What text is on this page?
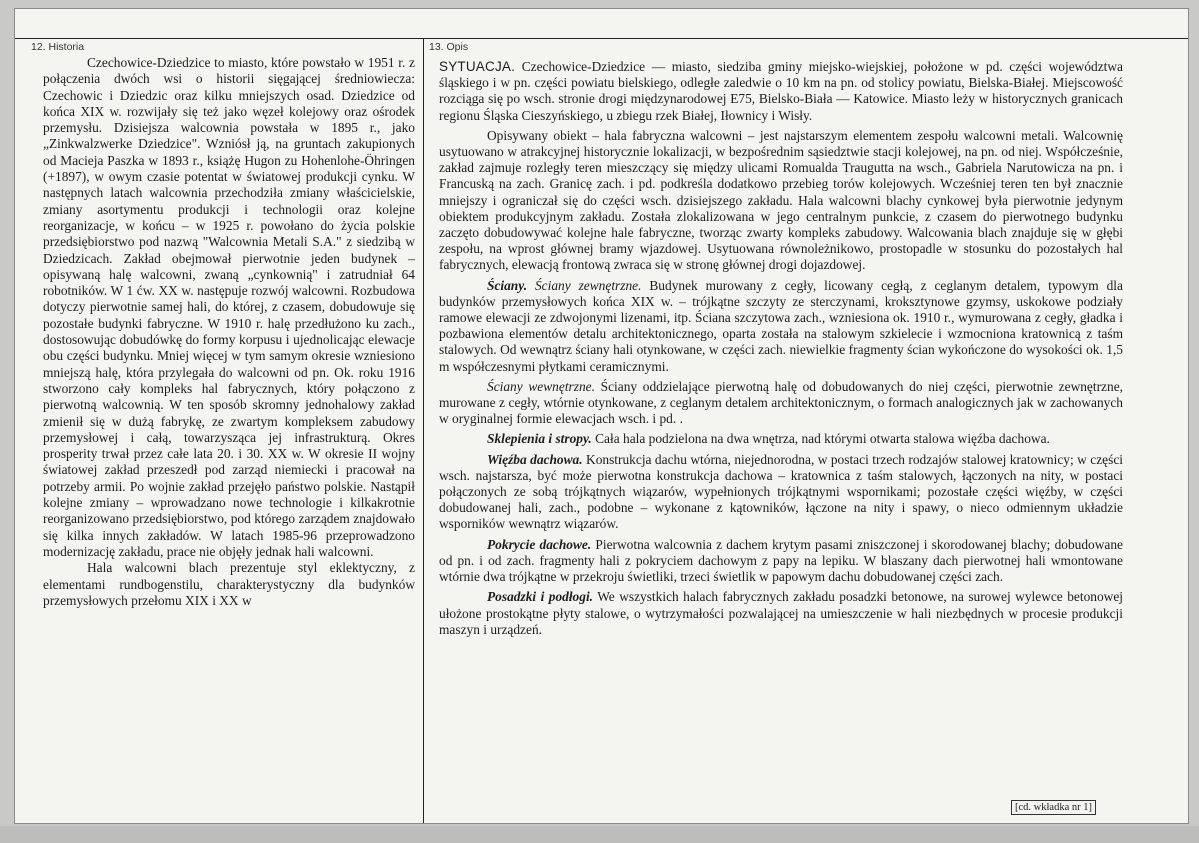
12. Historia	13. Opis

Czechowice-Dziedzice to miasto, które powstało w 1951 r. z połączenia dwóch wsi o historii sięgającej średniowiecza: Czechowic i Dziedzic oraz kilku mniejszych osad. Dziedzice od końca XIX w. rozwijały się też jako węzeł kolejowy oraz ośrodek przemysłu. Dzisiejsza walcownia powstała w 1895 r., jako „Zinkwalzwerke Dziedzice". Wzniósł ją, na gruntach zakupionych od Macieja Paszka w 1893 r., książę Hugon zu Hohenlohe-Öhringen (+1897), w owym czasie potentat w światowej produkcji cynku. W następnych latach walcownia przechodziła zmiany właścicielskie, zmiany asortymentu produkcji i technologii oraz kolejne reorganizacje, w końcu – w 1925 r. powołano do życia polskie przedsiębiorstwo pod nazwą "Walcownia Metali S.A." z siedzibą w Dziedzicach. Zakład obejmował pierwotnie jeden budynek – opisywaną halę walcowni, zwaną „cynkownią" i zatrudniał 64 robotników. W 1 ćw. XX w. następuje rozwój walcowni. Rozbudowa dotyczy pierwotnie samej hali, do której, z czasem, dobudowuje się pozostałe budynki fabryczne. W 1910 r. halę przedłużono ku zach., dostosowując dobudówkę do formy korpusu i ujednolicając elewacje obu części budynku. Mniej więcej w tym samym okresie wzniesiono mniejszą halę, która przylegała do walcowni od pn. Ok. roku 1916 stworzono cały kompleks hal fabrycznych, który połączono z pierwotną walcownią. W ten sposób skromny jednohalowy zakład zmienił się w dużą fabrykę, ze zwartym kompleksem zabudowy przemysłowej i całą, towarzysząca jej infrastrukturą. Okres prosperity trwał przez całe lata 20. i 30. XX w. W okresie II wojny światowej zakład przeszedł pod zarząd niemiecki i pracował na potrzeby armii. Po wojnie zakład przejęło państwo polskie. Nastąpił kolejne zmiany – wprowadzano nowe technologie i kilkakrotnie reorganizowano przedsiębiorstwo, pod którego zarządem znajdowało się kilka innych zakładów. W latach 1985-96 przeprowadzono modernizację zakładu, prace nie objęły jednak hali walcowni.

Hala walcowni blach prezentuje styl eklektyczny, z elementami rundbogenstilu, charakterystyczny dla budynków przemysłowych przełomu XIX i XX w

SYTUACJA. Czechowice-Dziedzice — miasto, siedziba gminy miejsko-wiejskiej, położone w pd. części województwa śląskiego i w pn. części powiatu bielskiego, odległe zaledwie o 10 km na pn. od stolicy powiatu, Bielska-Białej. Miejscowość rozciąga się po wsch. stronie drogi międzynarodowej E75, Bielsko-Biała — Katowice. Miasto leży w historycznych granicach regionu Śląska Cieszyńskiego, u zbiegu rzek Białej, Iłownicy i Wisły.

Opisywany obiekt – hala fabryczna walcowni – jest najstarszym elementem zespołu walcowni metali. Walcownię usytuowano w atrakcyjnej historycznie lokalizacji, w bezpośrednim sąsiedztwie stacji kolejowej, na pn. od niej. Współcześnie, zakład zajmuje rozległy teren mieszczący się między ulicami Romualda Traugutta na wsch., Gabriela Narutowicza na pn. i Francuską na zach. Granicę zach. i pd. podkreśla dodatkowo przebieg torów kolejowych. Wcześniej teren ten był znacznie mniejszy i ograniczał się do części wsch. dzisiejszego zakładu. Hala walcowni blachy cynkowej była pierwotnie jedynym obiektem produkcyjnym zakładu. Została zlokalizowana w jego centralnym punkcie, z czasem do pierwotnego budynku zaczęto dobudowywać kolejne hale fabryczne, tworząc zwarty kompleks zabudowy. Walcowania blach znajduje się w głębi zespołu, na wprost głównej bramy wjazdowej. Usytuowana równoleżnikowo, prostopadle w stosunku do pozostałych hal fabrycznych, elewacją frontową zwraca się w stronę głównej drogi dojazdowej.

Ściany. Ściany zewnętrzne. Budynek murowany z cegły, licowany cegłą, z ceglanym detalem, typowym dla budynków przemysłowych końca XIX w. – trójkątne szczyty ze sterczynami, kroksztynowe gzymsy, uskokowe podziały ramowe elewacji ze zdwojonymi lizenami, itp. Ściana szczytowa zach., wzniesiona ok. 1910 r., wymurowana z cegły, gładka i pozbawiona elementów detalu architektonicznego, oparta została na stalowym szkielecie i wzmocniona kratownicą z taśm stalowych. Od wewnątrz ściany hali otynkowane, w części zach. niewielkie fragmenty ścian wykończone do wysokości ok. 1,5 m współczesnymi płytkami ceramicznymi.

Ściany wewnętrzne. Ściany oddzielające pierwotną halę od dobudowanych do niej części, pierwotnie zewnętrzne, murowane z cegły, wtórnie otynkowane, z ceglanym detalem architektonicznym, o formach analogicznych jak w zachowanych w oryginalnej formie elewacjach wsch. i pd. .

Sklepienia i stropy. Cała hala podzielona na dwa wnętrza, nad którymi otwarta stalowa więźba dachowa.

Więźba dachowa. Konstrukcja dachu wtórna, niejednorodna, w postaci trzech rodzajów stalowej kratownicy; w części wsch. najstarsza, być może pierwotna konstrukcja dachowa – kratownica z taśm stalowych, łączonych na nity, w postaci połączonych ze sobą trójkątnych wiązarów, wypełnionych trójkątnymi wspornikami; pozostałe części więźby, w części dobudowanej hali, zach., podobne – wykonane z kątowników, łączone na nity i spawy, o nieco odmiennym układzie wsporników wewnątrz wiązarów.

Pokrycie dachowe. Pierwotna walcownia z dachem krytym pasami zniszczonej i skorodowanej blachy; dobudowane od pn. i od zach. fragmenty hali z pokryciem dachowym z papy na lepiku. W blaszany dach pierwotnej hali wmontowane wtórnie dwa trójkątne w przekroju świetliki, trzeci świetlik w papowym dachu dobudowanej części zach.

Posadzki i podłogi. We wszystkich halach fabrycznych zakładu posadzki betonowe, na surowej wylewce betonowej ułożone prostokątne płyty stalowe, o wytrzymałości pozwalającej na umieszczenie w hali niezbędnych w procesie produkcji maszyn i urządzeń.

[cd. wkładka nr 1]
